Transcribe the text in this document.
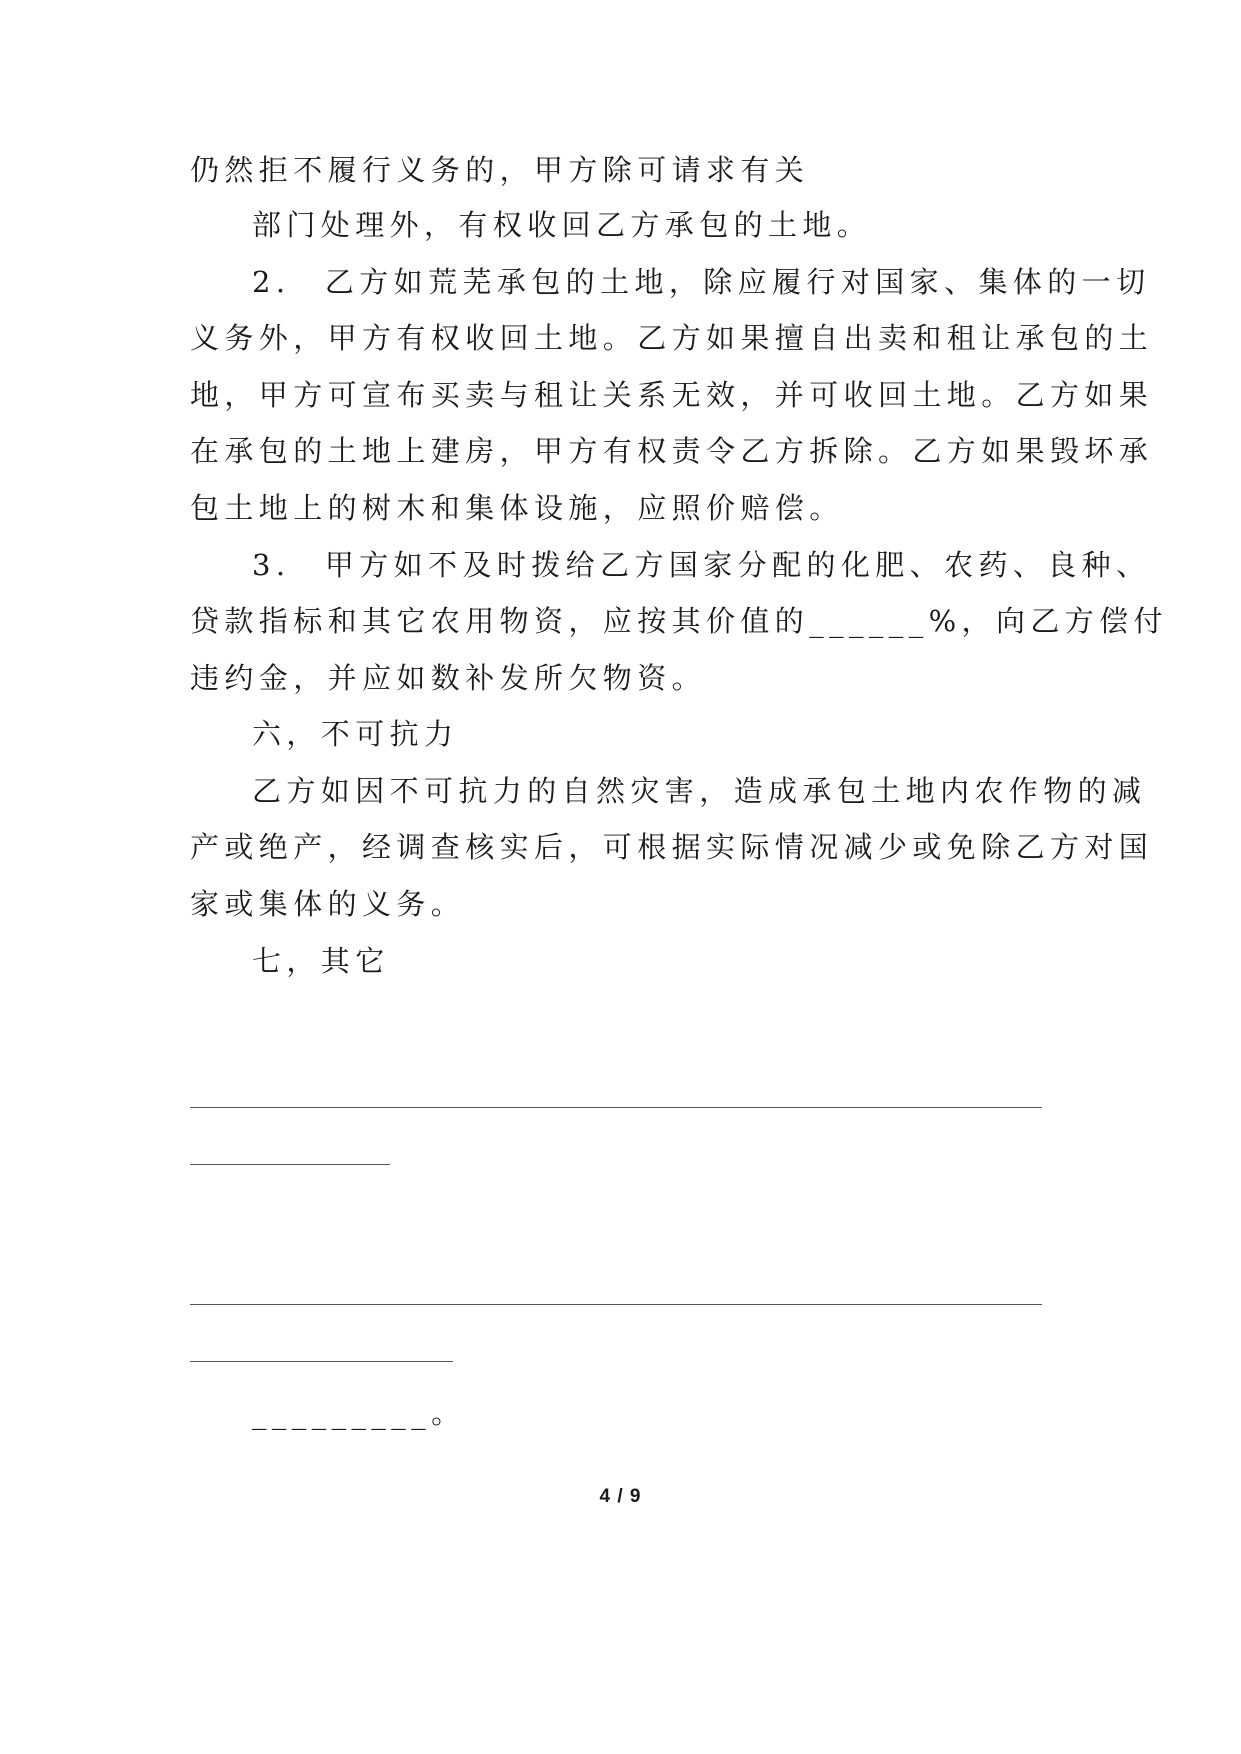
仍然拒不履行义务的，甲方除可请求有关
部门处理外，有权收回乙方承包的土地。
2.　乙方如荒芜承包的土地，除应履行对国家、集体的一切
义务外，甲方有权收回土地。乙方如果擅自出卖和租让承包的土
地，甲方可宣布买卖与租让关系无效，并可收回土地。乙方如果
在承包的土地上建房，甲方有权责令乙方拆除。乙方如果毁坏承
包土地上的树木和集体设施，应照价赔偿。
3.　甲方如不及时拨给乙方国家分配的化肥、农药、良种、
贷款指标和其它农用物资，应按其价值的______%，向乙方偿付
违约金，并应如数补发所欠物资。
六，不可抗力
乙方如因不可抗力的自然灾害，造成承包土地内农作物的减
产或绝产，经调查核实后，可根据实际情况减少或免除乙方对国
家或集体的义务。
七，其它
_________。
4 / 9
